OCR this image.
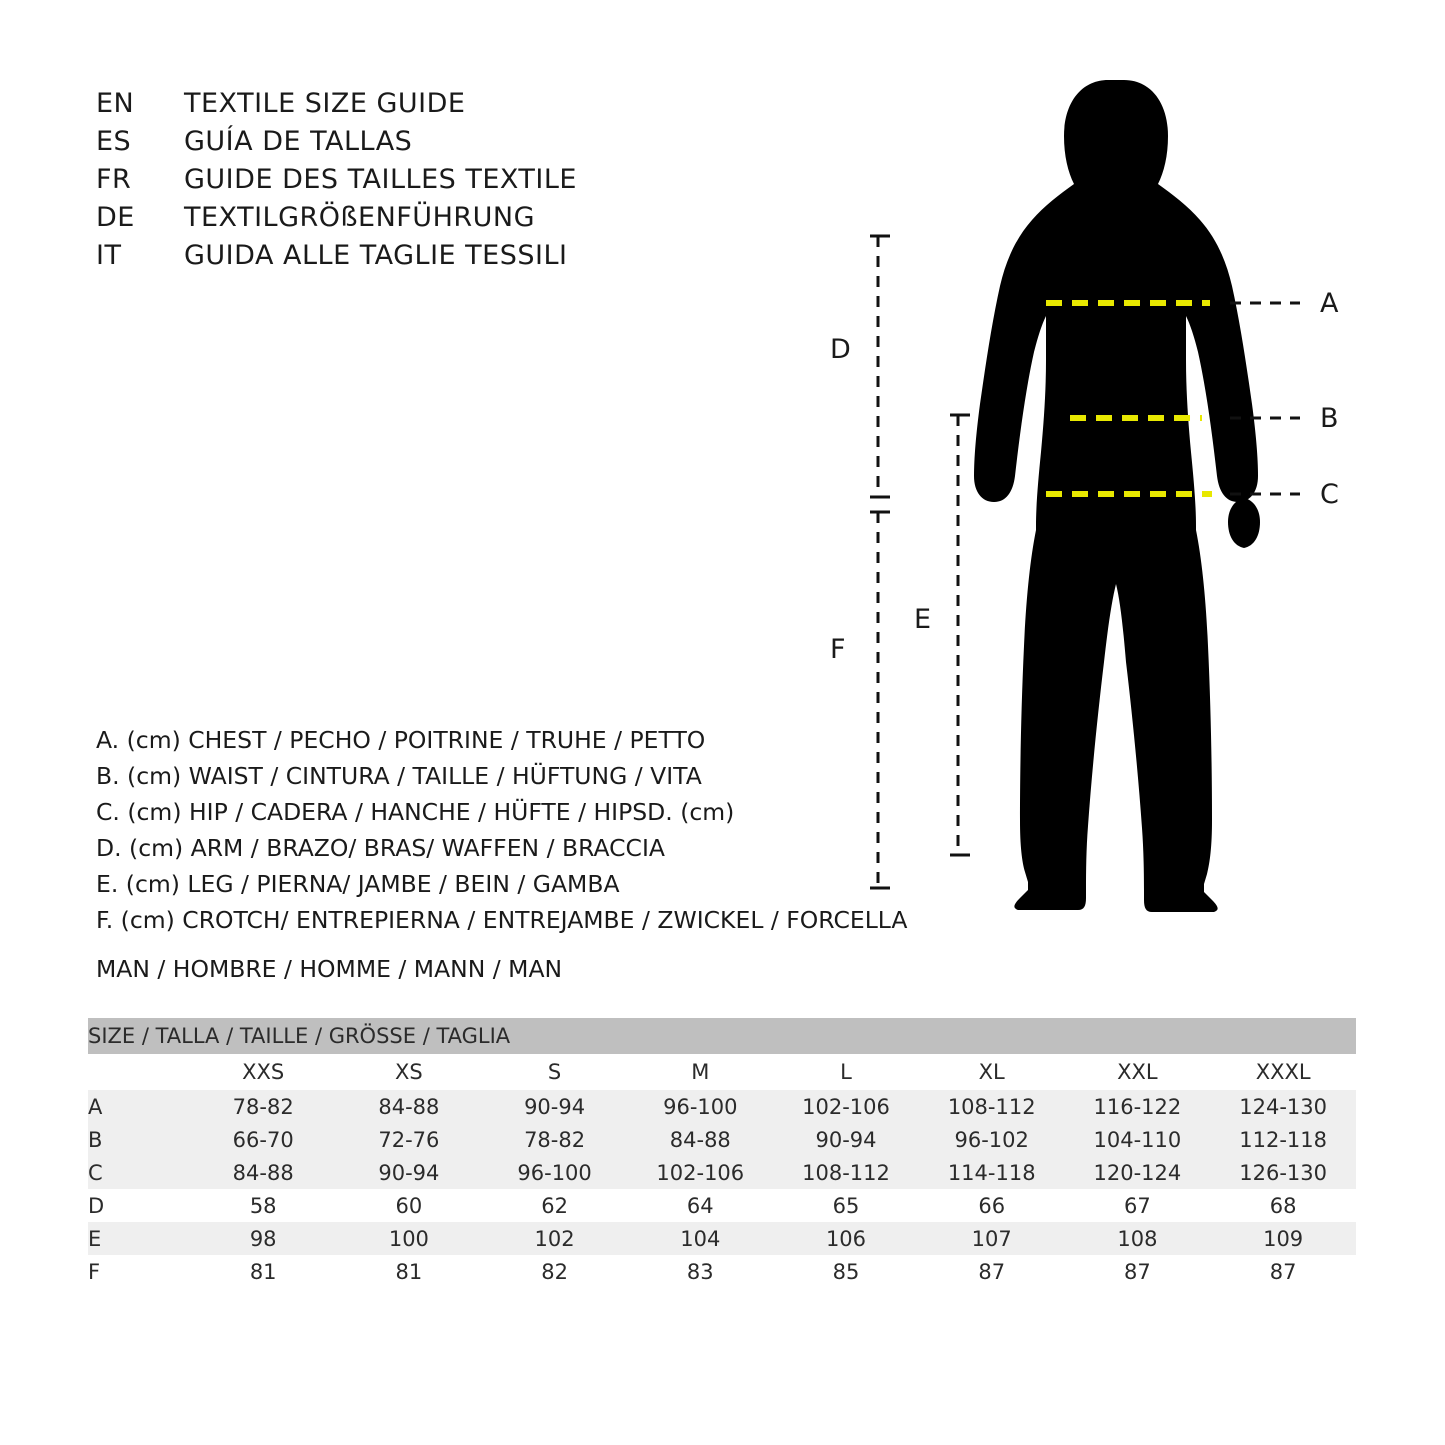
EN	TEXTILE SIZE GUIDE
ES	GUÍA DE TALLAS
FR	GUIDE DES TAILLES TEXTILE
DE	TEXTILGRÖßENFÜHRUNG
IT	GUIDA ALLE TAGLIE TESSILI
A. (cm) CHEST / PECHO / POITRINE / TRUHE / PETTO
B. (cm) WAIST / CINTURA / TAILLE / HÜFTUNG / VITA
C. (cm) HIP / CADERA / HANCHE / HÜFTE / HIPSD. (cm)
D. (cm) ARM / BRAZO/ BRAS/ WAFFEN / BRACCIA
E. (cm) LEG / PIERNA/ JAMBE / BEIN / GAMBA
F. (cm) CROTCH/ ENTREPIERNA / ENTREJAMBE / ZWICKEL / FORCELLA
MAN / HOMBRE / HOMME / MANN / MAN
A
B
C
D
E
F
SIZE / TALLA / TAILLE / GRÖSSE / TAGLIA								
	XXS	XS	S	M	L	XL	XXL	XXXL
A	78-82	84-88	90-94	96-100	102-106	108-112	116-122	124-130
B	66-70	72-76	78-82	84-88	90-94	96-102	104-110	112-118
C	84-88	90-94	96-100	102-106	108-112	114-118	120-124	126-130
D	58	60	62	64	65	66	67	68
E	98	100	102	104	106	107	108	109
F	81	81	82	83	85	87	87	87
